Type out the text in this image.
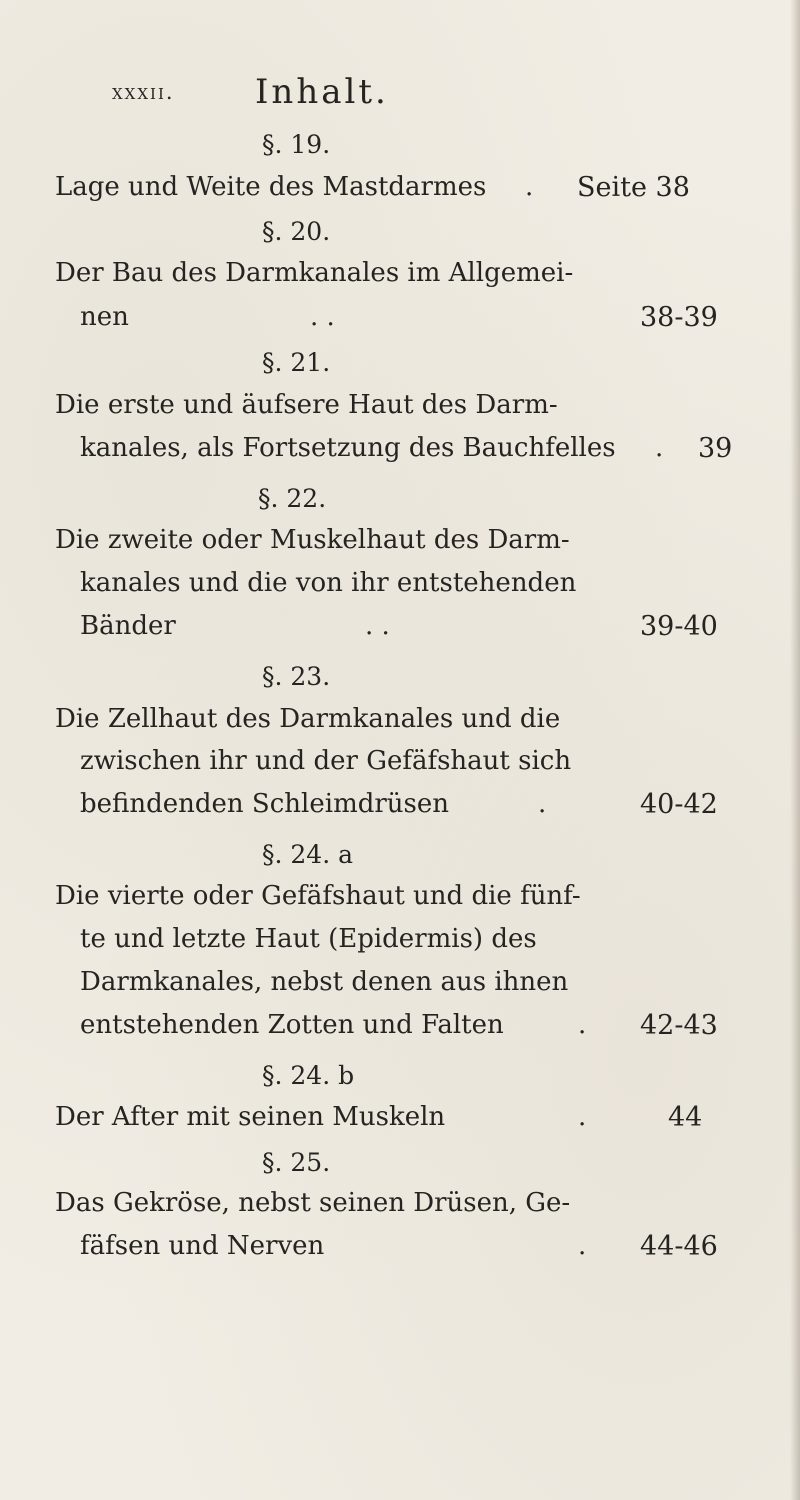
xxxii. Inhalt.
§. 19.
Lage und Weite des Mastdarmes . Seite 38
§. 20.
Der Bau des Darmkanales im Allgemei-
nen	. .	38-39
§. 21.
Die erste und äufsere Haut des Darm-
kanales, als Fortsetzung des Bauchfelles . 39
§. 22.
Die zweite oder Muskelhaut des Darm-
kanales und die von ihr entstehenden
Bänder	. .	39-40
§. 23.
Die Zellhaut des Darmkanales und die
zwischen ihr und der Gefäfshaut sich
befindenden Schleimdrüsen	.	40-42
§. 24. a
Die vierte oder Gefäfshaut und die fünf-
te und letzte Haut (Epidermis) des
Darmkanales, nebst denen aus ihnen
entstehenden Zotten und Falten	. 42-43
§. 24. b
Der After mit seinen Muskeln	.	44
§. 25.
Das Gekröse, nebst seinen Drüsen, Ge-
fäfsen und Nerven	. 44-46
